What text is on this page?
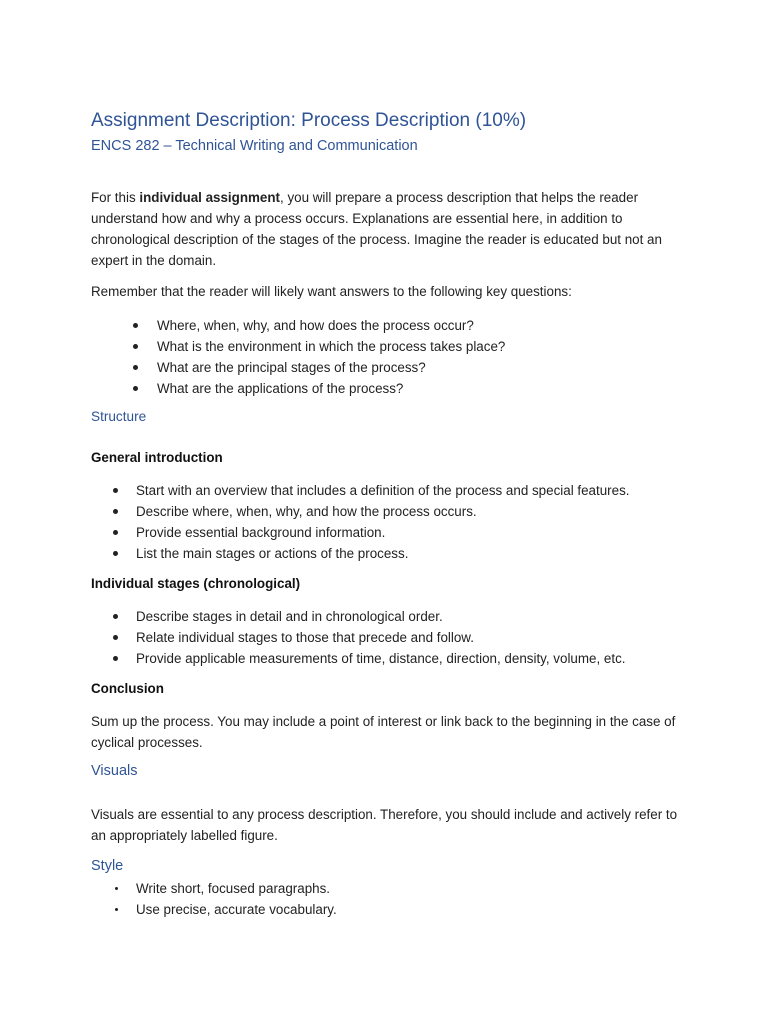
Assignment Description: Process Description (10%)
ENCS 282 – Technical Writing and Communication
For this individual assignment, you will prepare a process description that helps the reader understand how and why a process occurs. Explanations are essential here, in addition to chronological description of the stages of the process. Imagine the reader is educated but not an expert in the domain.
Remember that the reader will likely want answers to the following key questions:
Where, when, why, and how does the process occur?
What is the environment in which the process takes place?
What are the principal stages of the process?
What are the applications of the process?
Structure
General introduction
Start with an overview that includes a definition of the process and special features.
Describe where, when, why, and how the process occurs.
Provide essential background information.
List the main stages or actions of the process.
Individual stages (chronological)
Describe stages in detail and in chronological order.
Relate individual stages to those that precede and follow.
Provide applicable measurements of time, distance, direction, density, volume, etc.
Conclusion
Sum up the process. You may include a point of interest or link back to the beginning in the case of cyclical processes.
Visuals
Visuals are essential to any process description. Therefore, you should include and actively refer to an appropriately labelled figure.
Style
Write short, focused paragraphs.
Use precise, accurate vocabulary.
